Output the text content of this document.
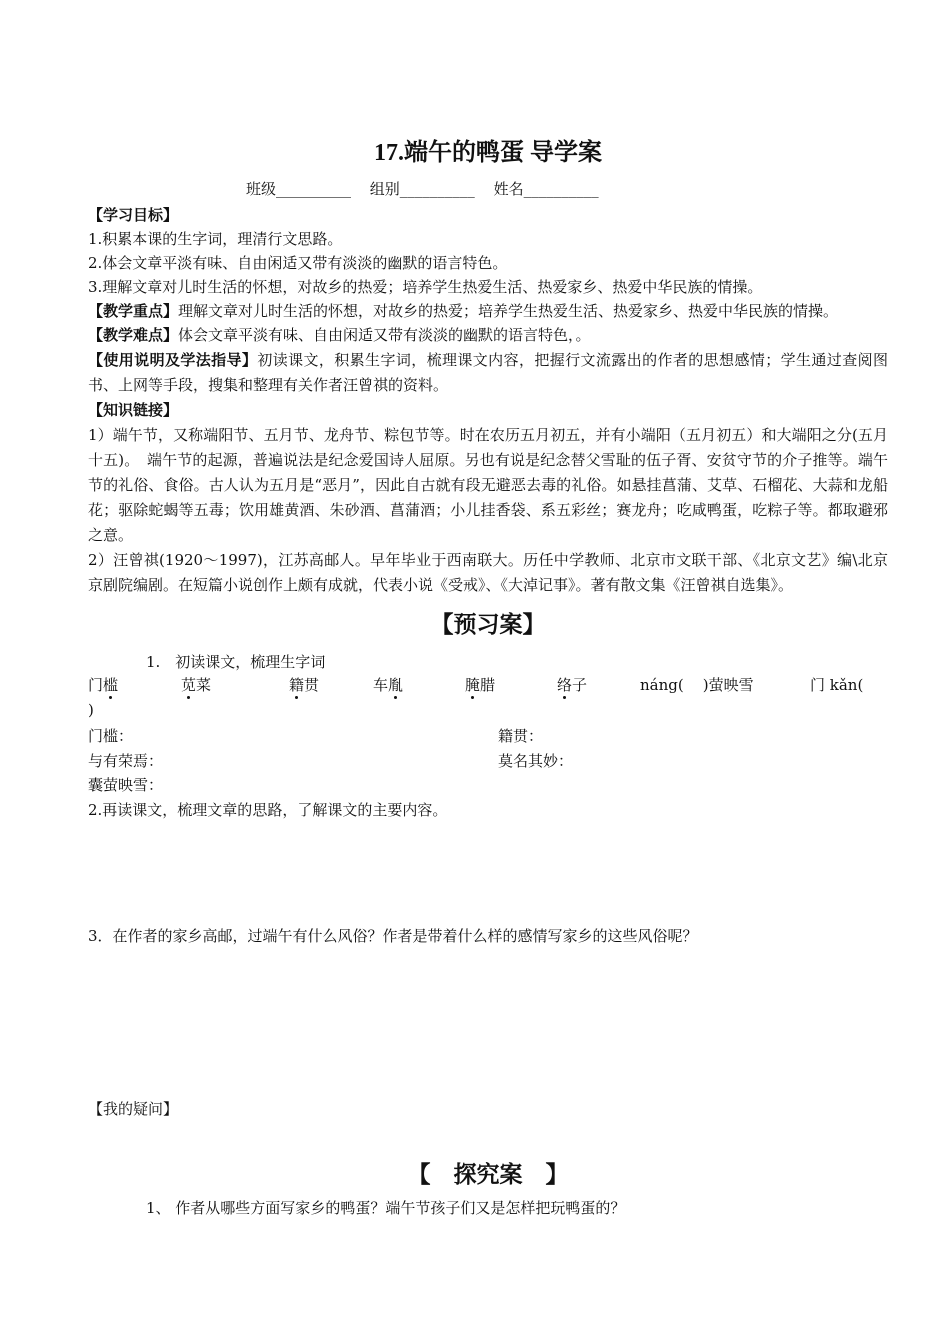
17.端午的鸭蛋 导学案
班级__________ 组别__________ 姓名__________
【学习目标】
1.积累本课的生字词，理清行文思路。
2.体会文章平淡有味、自由闲适又带有淡淡的幽默的语言特色。
3.理解文章对儿时生活的怀想，对故乡的热爱；培养学生热爱生活、热爱家乡、热爱中华民族的情操。
【教学重点】理解文章对儿时生活的怀想，对故乡的热爱；培养学生热爱生活、热爱家乡、热爱中华民族的情操。
【教学难点】体会文章平淡有味、自由闲适又带有淡淡的幽默的语言特色，。
【使用说明及学法指导】初读课文，积累生字词，梳理课文内容，把握行文流露出的作者的思想感情；学生通过查阅图书、上网等手段，搜集和整理有关作者汪曾祺的资料。
【知识链接】
1）端午节，又称端阳节、五月节、龙舟节、粽包节等。时在农历五月初五，并有小端阳（五月初五）和大端阳之分(五月十五)。　端午节的起源，普遍说法是纪念爱国诗人屈原。另也有说是纪念替父雪耻的伍子胥、安贫守节的介子推等。端午节的礼俗、食俗。古人认为五月是“恶月”，因此自古就有段无避恶去毒的礼俗。如悬挂菖蒲、艾草、石榴花、大蒜和龙船花；驱除蛇蝎等五毒；饮用雄黄酒、朱砂酒、菖蒲酒；小儿挂香袋、系五彩丝；赛龙舟；吃咸鸭蛋，吃粽子等。都取避邪之意。
2）汪曾祺(1920～1997)，江苏高邮人。早年毕业于西南联大。历任中学教师、北京市文联干部、《北京文艺》编\北京京剧院编剧。在短篇小说创作上颇有成就，代表小说《受戒》、《大淖记事》。著有散文集《汪曾祺自选集》。
【预习案】
1.　初读课文，梳理生字词
门槛	苋菜	籍贯	车胤	腌腊	络子	náng(    )萤映雪	门 kǎn(
)
门槛：	籍贯：
与有荣焉：	莫名其妙：
囊萤映雪：
2.再读课文，梳理文章的思路，了解课文的主要内容。
3．在作者的家乡高邮，过端午有什么风俗？作者是带着什么样的感情写家乡的这些风俗呢？
【我的疑问】
【　探究案　】
1、 作者从哪些方面写家乡的鸭蛋？端午节孩子们又是怎样把玩鸭蛋的？
